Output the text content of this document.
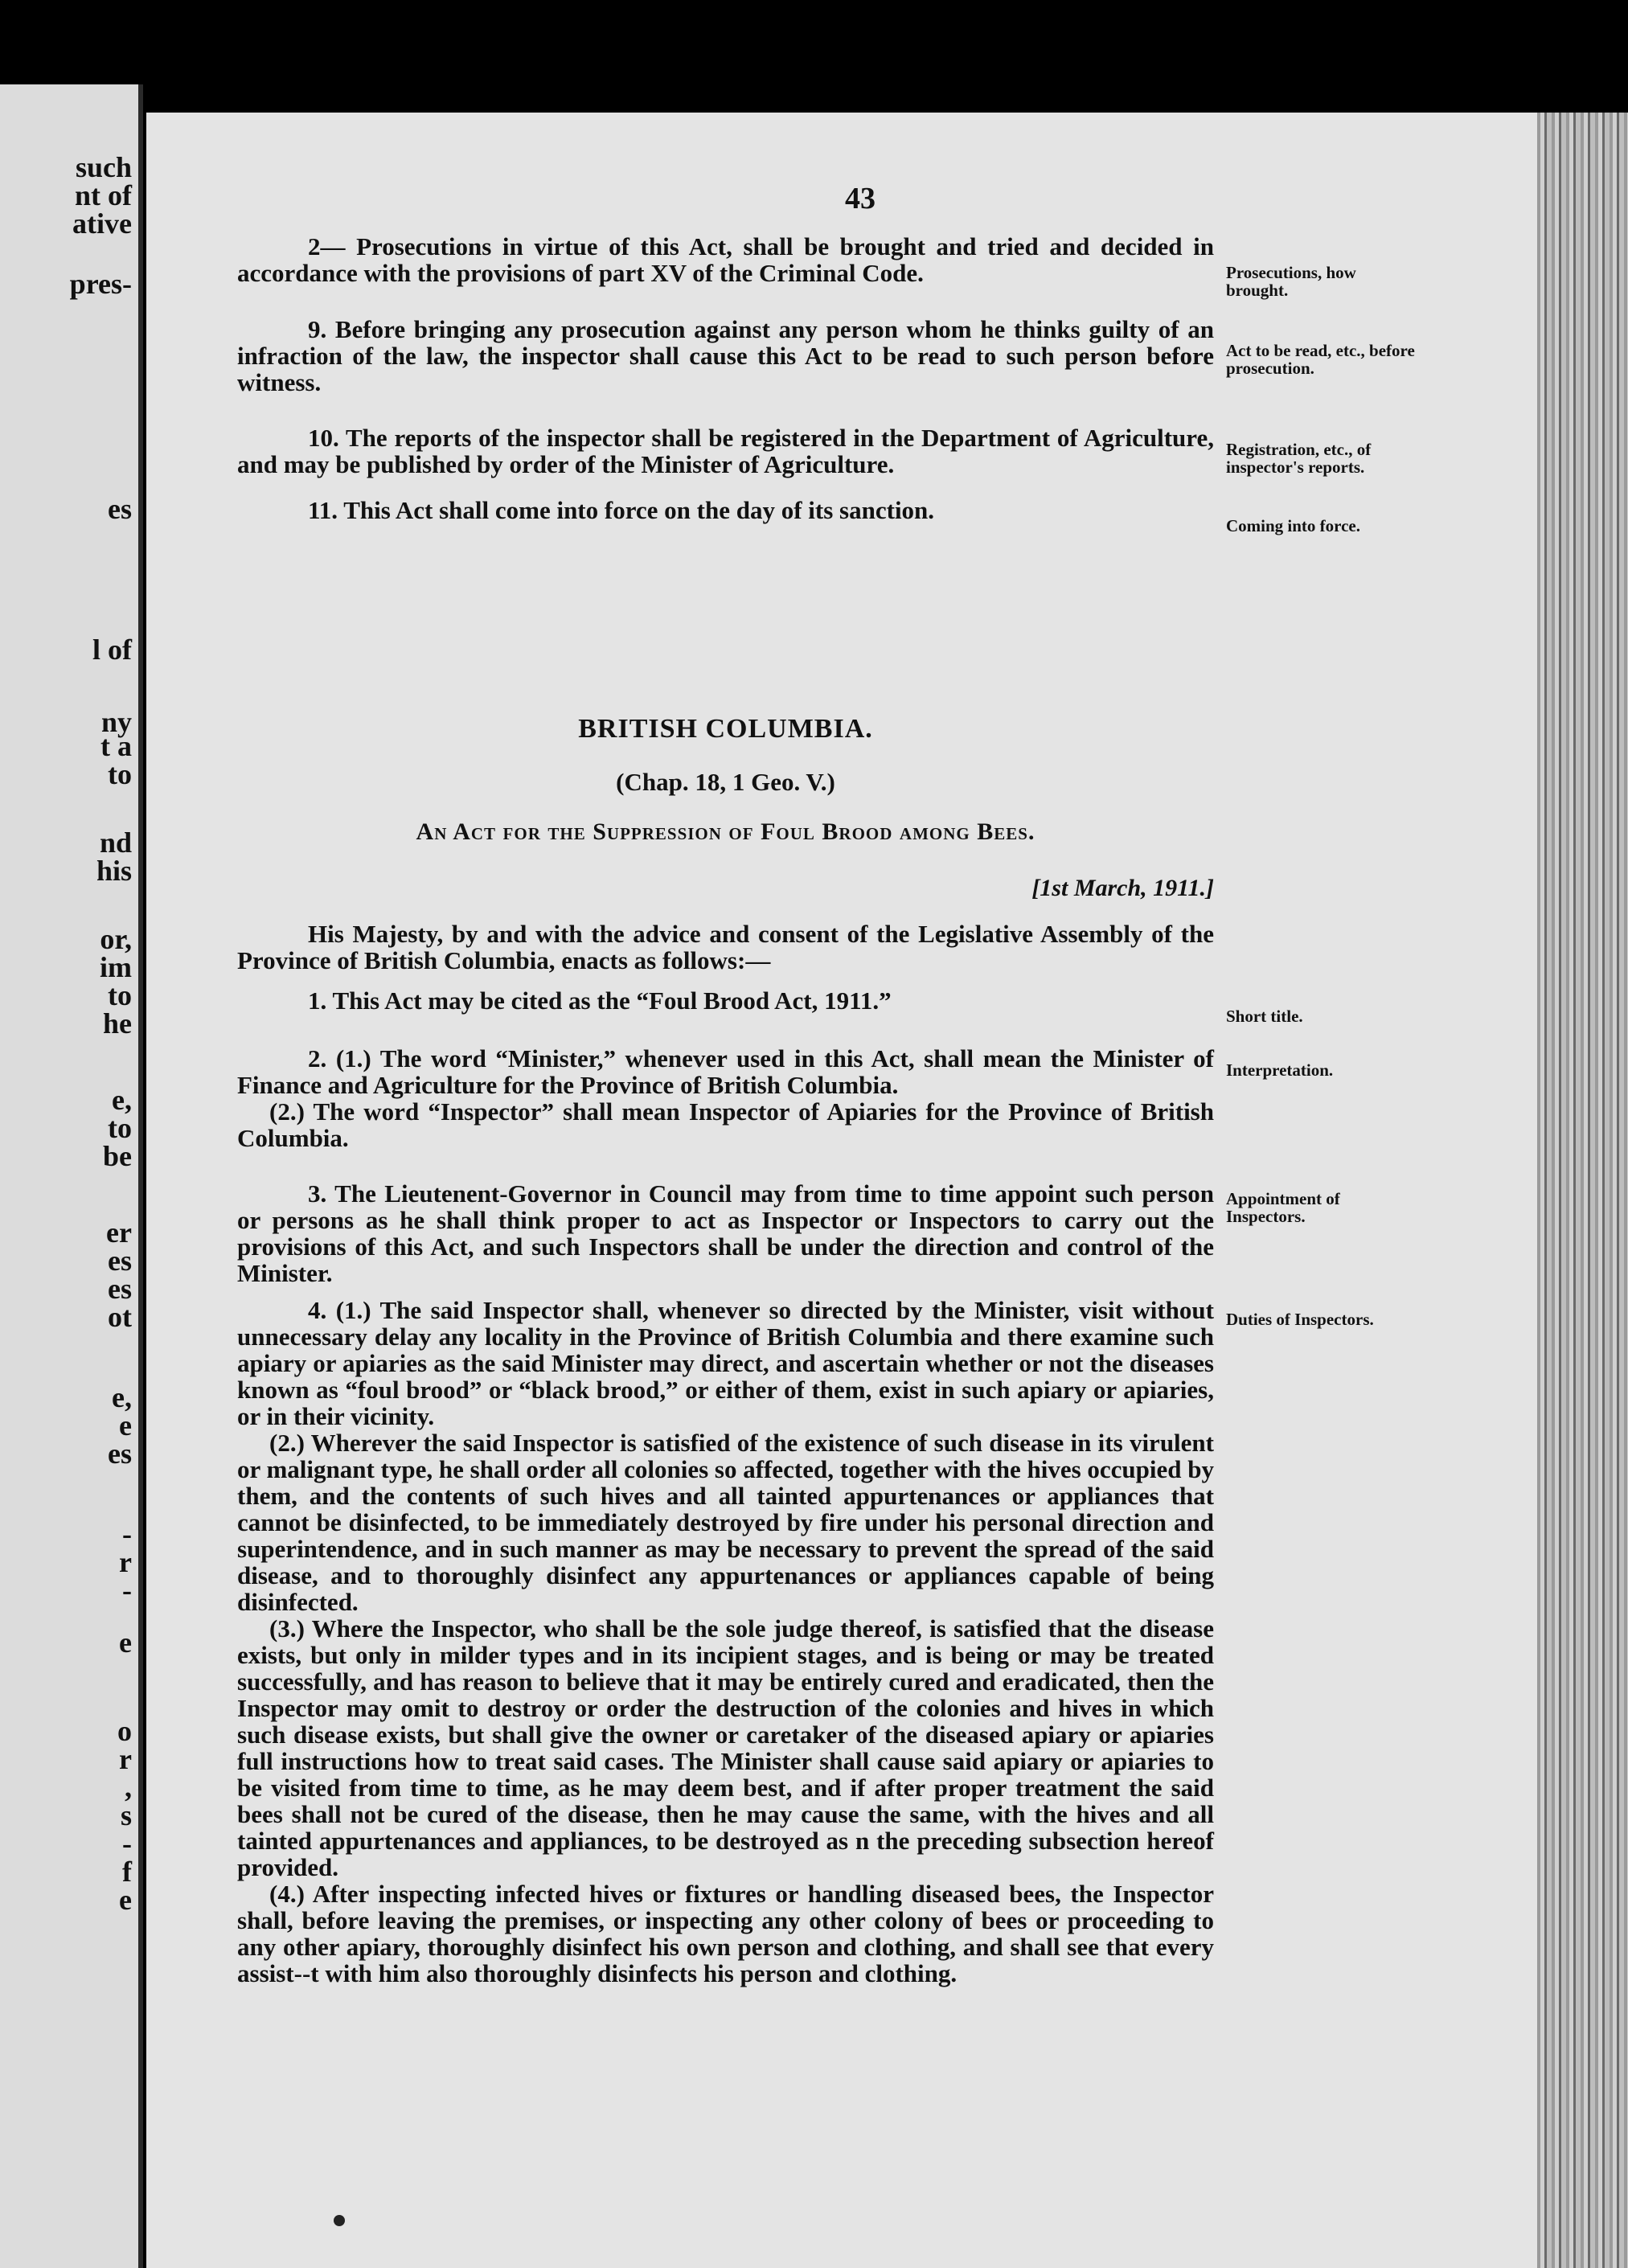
such
nt of
ative
pres-
es
l of
ny
t a
to
nd
his
or,
im
to
he
e,
to
be
er
es
es
ot
e,
e
es
-
r
-
e
o
r
,
s
-
f
e
43

2— Prosecutions in virtue of this Act, shall be brought and tried and decided in accordance with the provisions of part XV of the Criminal Code.	Prosecutions, how brought.

9. Before bringing any prosecution against any person whom he thinks guilty of an infraction of the law, the inspector shall cause this Act to be read to such person before witness.

Act to be read, etc., before prosecution.

10. The reports of the inspector shall be registered in the Department of Agriculture, and may be published by order of the Minister of Agriculture.

Registration, etc., of inspector's reports.

11. This Act shall come into force on the day of its sanction.

Coming into force.
BRITISH COLUMBIA.
(Chap. 18, 1 Geo. V.)
An Act for the Suppression of Foul Brood among Bees.
[1st March, 1911.]

His Majesty, by and with the advice and consent of the Legislative Assembly of the Province of British Columbia, enacts as follows:—

1. This Act may be cited as the “Foul Brood Act, 1911.”

Short title.

2. (1.) The word “Minister,” whenever used in this Act, shall mean the Minister of Finance and Agriculture for the Province of British Columbia.

(2.) The word “Inspector” shall mean Inspector of Apiaries for the Province of British Columbia.

Interpretation.

3. The Lieutenent-Governor in Council may from time to time appoint such person or persons as he shall think proper to act as Inspector or Inspectors to carry out the provisions of this Act, and such Inspectors shall be under the direction and control of the Minister.

Appointment of Inspectors.

4. (1.) The said Inspector shall, whenever so directed by the Minister, visit without unnecessary delay any locality in the Province of British Columbia and there examine such apiary or apiaries as the said Minister may direct, and ascertain whether or not the diseases known as “foul brood” or “black brood,” or either of them, exist in such apiary or apiaries, or in their vicinity.

(2.) Wherever the said Inspector is satisfied of the existence of such disease in its virulent or malignant type, he shall order all colonies so affected, together with the hives occupied by them, and the contents of such hives and all tainted appurtenances or appliances that cannot be disinfected, to be immediately destroyed by fire under his personal direction and superintendence, and in such manner as may be necessary to prevent the spread of the said disease, and to thoroughly disinfect any appurtenances or appliances capable of being disinfected.

(3.) Where the Inspector, who shall be the sole judge thereof, is satisfied that the disease exists, but only in milder types and in its incipient stages, and is being or may be treated successfully, and has reason to believe that it may be entirely cured and eradicated, then the Inspector may omit to destroy or order the destruction of the colonies and hives in which such disease exists, but shall give the owner or caretaker of the diseased apiary or apiaries full instructions how to treat said cases. The Minister shall cause said apiary or apiaries to be visited from time to time, as he may deem best, and if after proper treatment the said bees shall not be cured of the disease, then he may cause the same, with the hives and all tainted appurtenances and appliances, to be destroyed as n the preceding subsection hereof provided.

(4.) After inspecting infected hives or fixtures or handling diseased bees, the Inspector shall, before leaving the premises, or inspecting any other colony of bees or proceeding to any other apiary, thoroughly disinfect his own person and clothing, and shall see that every assist‐‐t with him also thoroughly disinfects his person and clothing.

Duties of Inspectors.
